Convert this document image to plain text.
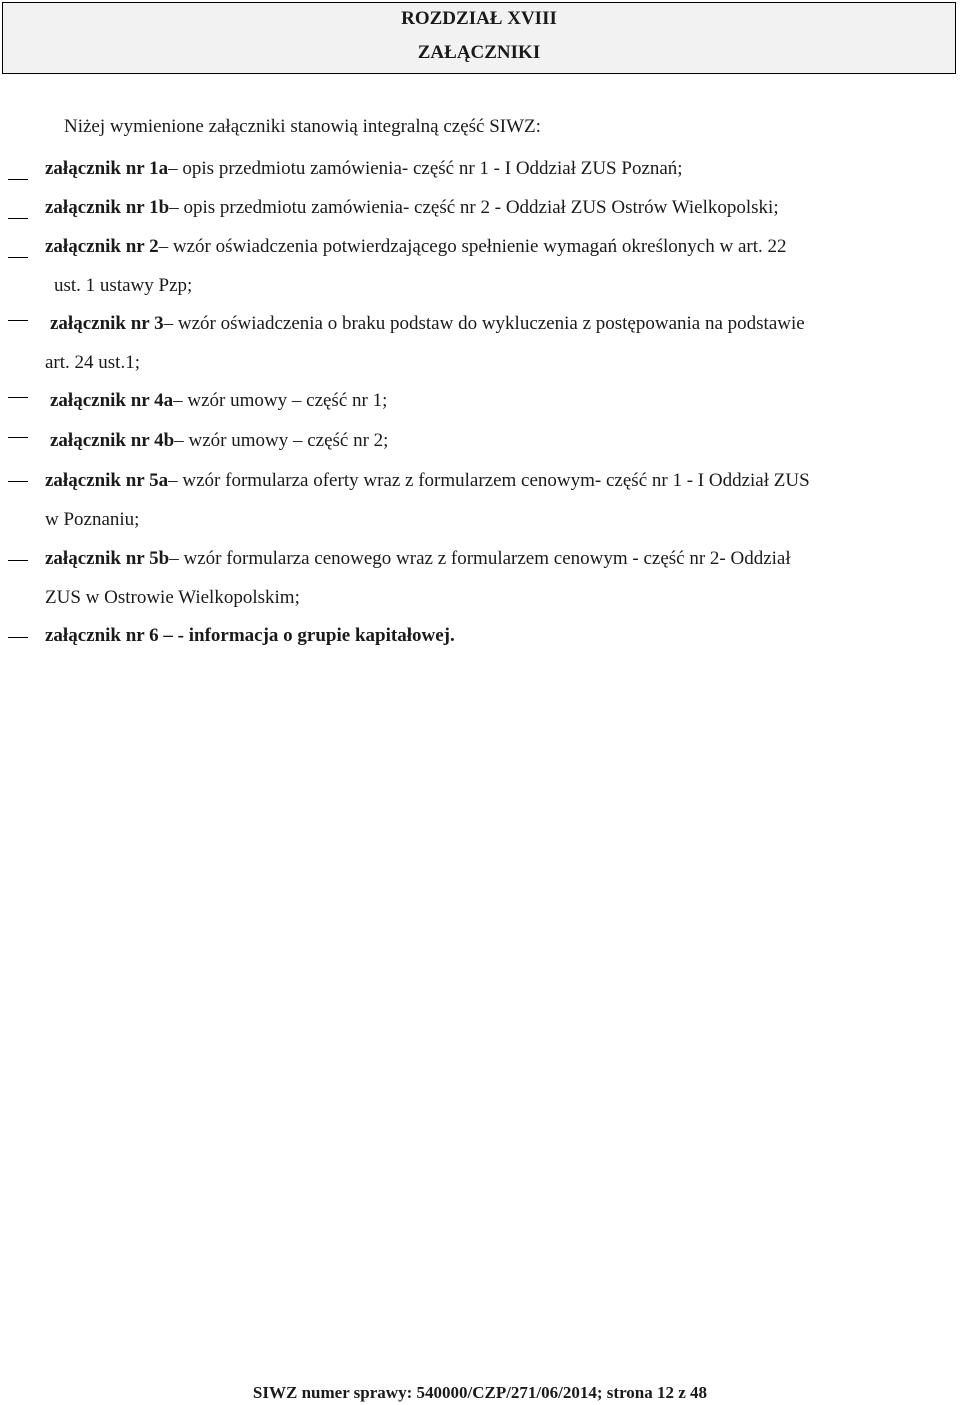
ROZDZIAŁ XVIII
ZAŁĄCZNIKI
Niżej wymienione załączniki stanowią integralną część SIWZ:
załącznik nr 1a– opis przedmiotu zamówienia- część nr 1 - I Oddział ZUS Poznań;
załącznik nr 1b– opis przedmiotu zamówienia- część nr 2 - Oddział ZUS Ostrów Wielkopolski;
załącznik nr 2– wzór oświadczenia potwierdzającego spełnienie wymagań określonych w art. 22
ust. 1 ustawy Pzp;
załącznik nr 3– wzór oświadczenia o braku podstaw do wykluczenia z postępowania na podstawie
art. 24 ust.1;
załącznik nr 4a– wzór umowy – część nr 1;
załącznik nr 4b– wzór umowy – część nr 2;
załącznik nr 5a– wzór formularza oferty wraz z formularzem cenowym- część nr 1 - I Oddział ZUS
w Poznaniu;
załącznik nr 5b– wzór formularza cenowego wraz z formularzem cenowym - część nr 2- Oddział
ZUS w Ostrowie Wielkopolskim;
załącznik nr 6 – - informacja o grupie kapitałowej.
SIWZ numer sprawy: 540000/CZP/271/06/2014; strona 12 z 48
